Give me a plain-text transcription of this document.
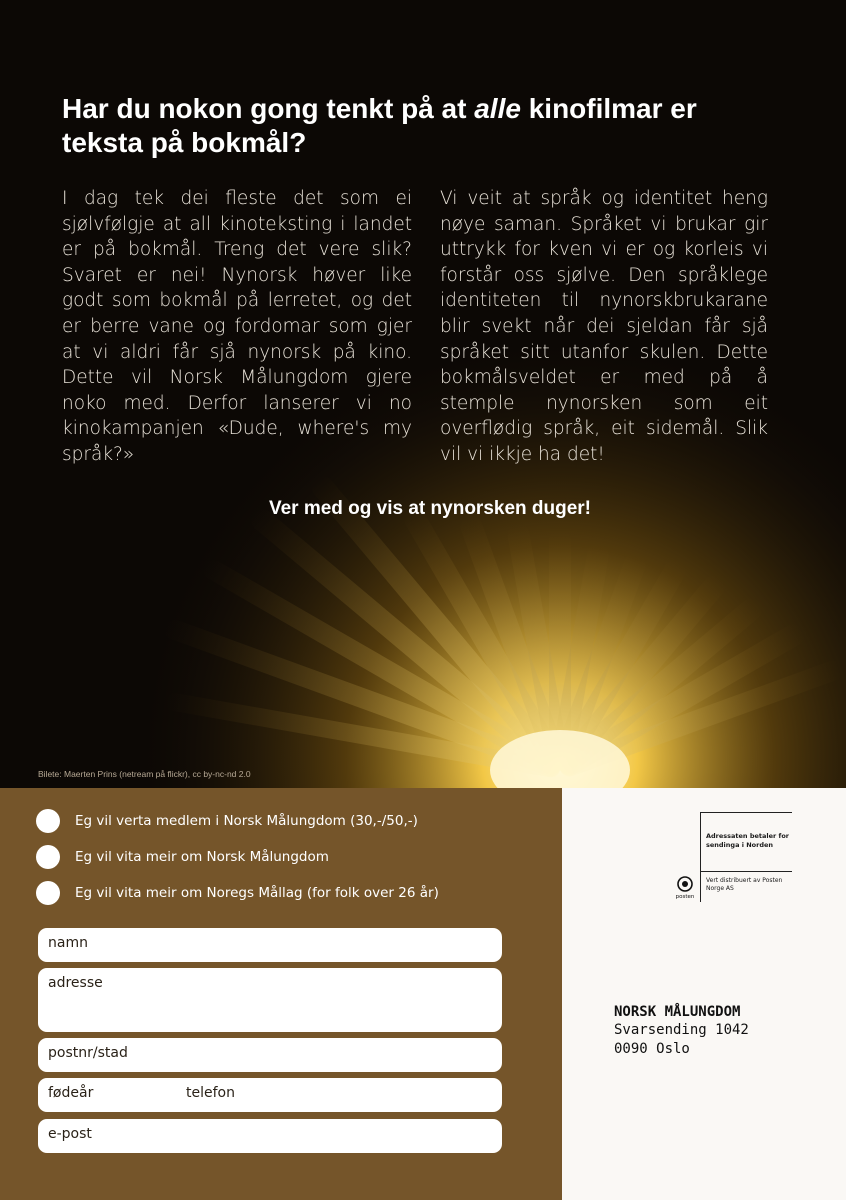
Har du nokon gong tenkt på at alle kinofilmar er teksta på bokmål?

I dag tek dei fleste det som ei sjølvfølgje at all kinoteksting i landet er på bokmål. Treng det vere slik? Svaret er nei! Nynorsk høver like godt som bokmål på lerretet, og det er berre vane og fordomar som gjer at vi aldri får sjå nynorsk på kino. Dette vil Norsk Målungdom gjere noko med. Derfor lanserer vi no kinokampanjen «Dude, where's my språk?»

Vi veit at språk og identitet heng nøye saman. Språket vi brukar gir uttrykk for kven vi er og korleis vi forstår oss sjølve. Den språklege identiteten til nynorskbrukarane blir svekt når dei sjeldan får sjå språket sitt utanfor skulen. Dette bokmålsveldet er med på å stemple nynorsken som eit overflødig språk, eit sidemål. Slik vil vi ikkje ha det!

Ver med og vis at nynorsken duger!

Bilete: Maerten Prins (netream på flickr), cc by-nc-nd 2.0

Eg vil verta medlem i Norsk Målungdom (30,-/50,-)
Eg vil vita meir om Norsk Målungdom
Eg vil vita meir om Noregs Mållag (for folk over 26 år)
namn
adresse
postnr/stad
fødeår	telefon
e-post
Adressaten betaler for sendinga i Norden
posten
Vert distribuert av Posten Norge AS

NORSK MÅLUNGDOM

Svarsending 1042

0090 Oslo
